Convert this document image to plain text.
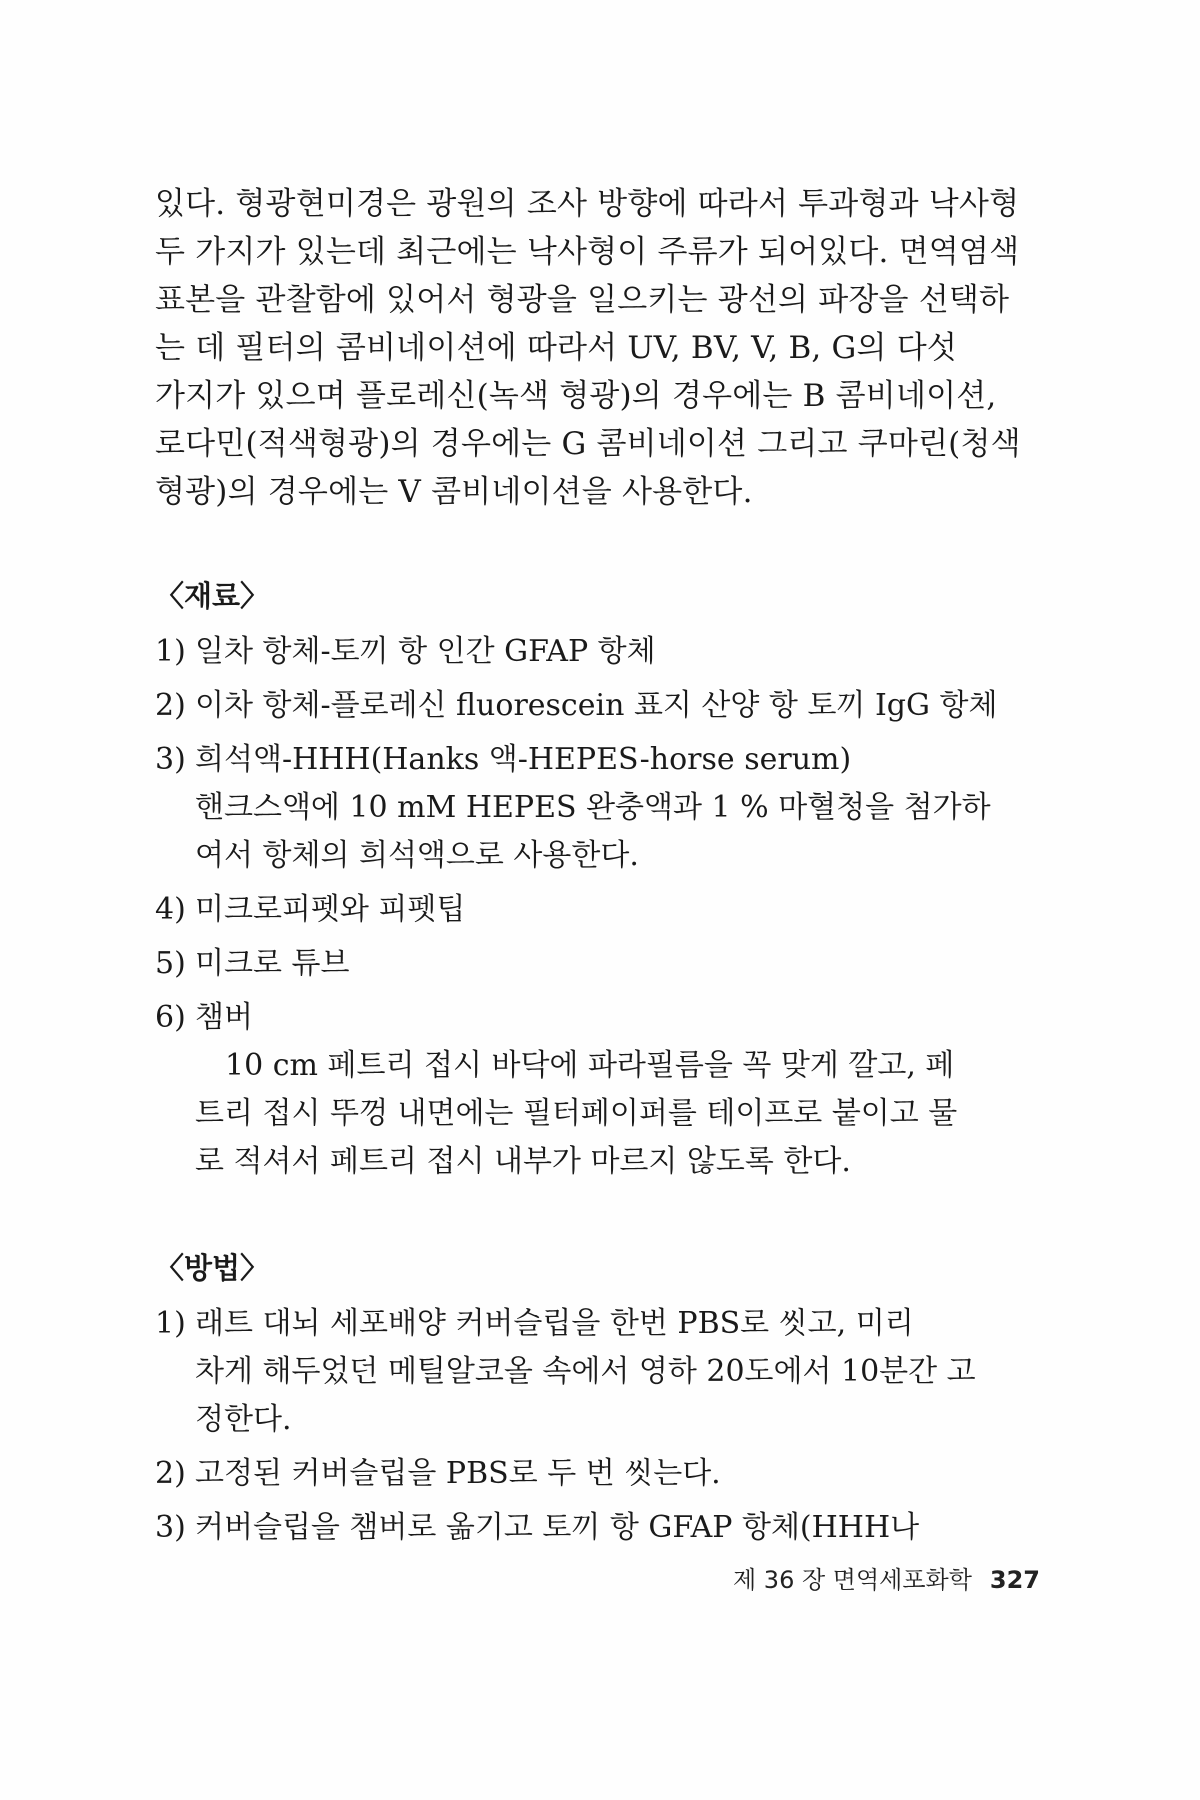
있다. 형광현미경은 광원의 조사 방향에 따라서 투과형과 낙사형

두 가지가 있는데 최근에는 낙사형이 주류가 되어있다. 면역염색

표본을 관찰함에 있어서 형광을 일으키는 광선의 파장을 선택하

는 데 필터의 콤비네이션에 따라서 UV, BV, V, B, G의 다섯

가지가 있으며 플로레신(녹색 형광)의 경우에는 B 콤비네이션,

로다민(적색형광)의 경우에는 G 콤비네이션 그리고 쿠마린(청색

형광)의 경우에는 V 콤비네이션을 사용한다.

〈재료〉
1) 일차 항체-토끼 항 인간 GFAP 항체
2) 이차 항체-플로레신 fluorescein 표지 산양 항 토끼 IgG 항체
3) 희석액-HHH(Hanks 액-HEPES-horse serum)
핸크스액에 10 mM HEPES 완충액과 1 % 마혈청을 첨가하
여서 항체의 희석액으로 사용한다.
4) 미크로피펫와 피펫팁
5) 미크로 튜브
6) 챔버
10 cm 페트리 접시 바닥에 파라필름을 꼭 맞게 깔고, 페
트리 접시 뚜껑 내면에는 필터페이퍼를 테이프로 붙이고 물
로 적셔서 페트리 접시 내부가 마르지 않도록 한다.
〈방법〉
1) 래트 대뇌 세포배양 커버슬립을 한번 PBS로 씻고, 미리
차게 해두었던 메틸알코올 속에서 영하 20도에서 10분간 고
정한다.
2) 고정된 커버슬립을 PBS로 두 번 씻는다.
3) 커버슬립을 챔버로 옮기고 토끼 항 GFAP 항체(HHH나
제 36 장 면역세포화학 327
